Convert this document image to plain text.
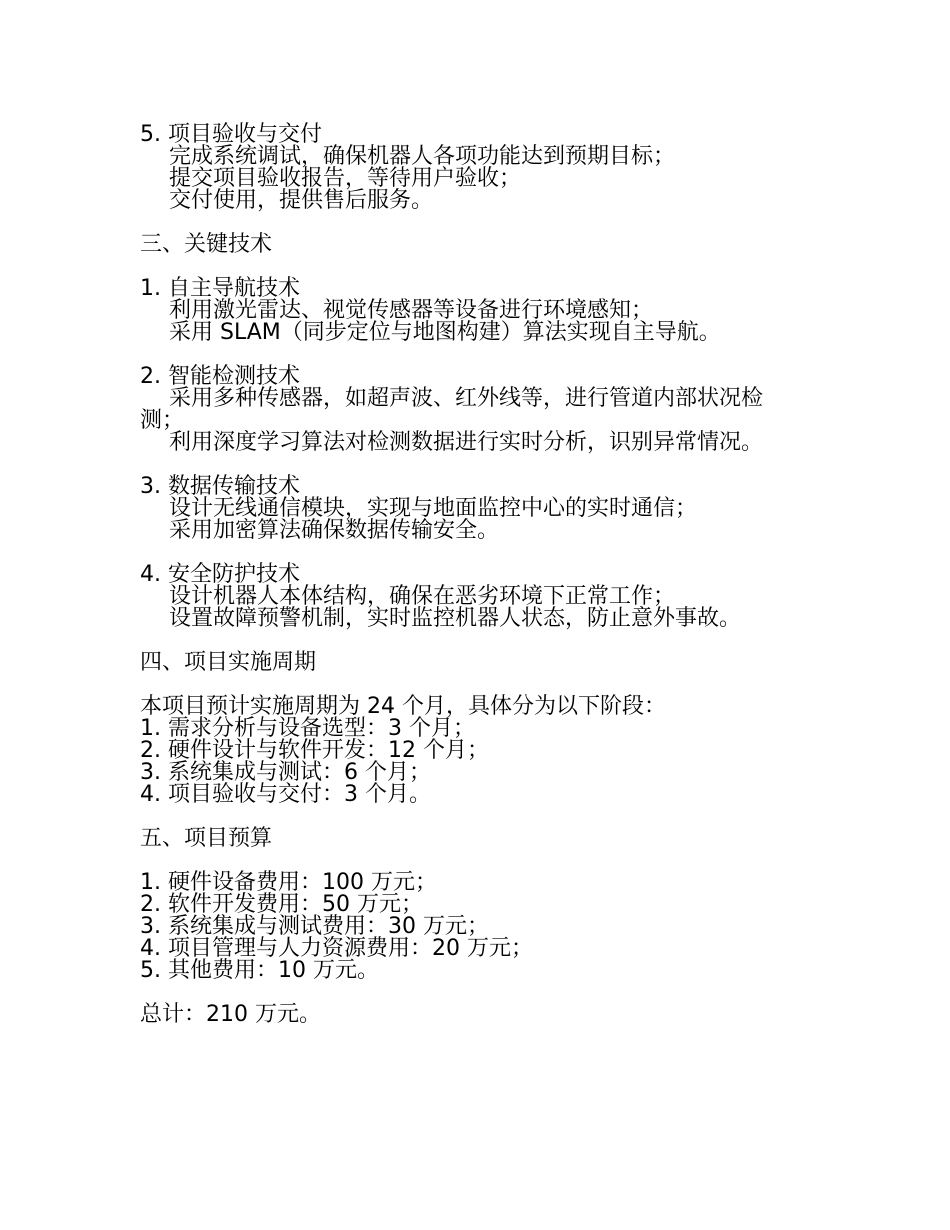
5. 项目验收与交付
完成系统调试，确保机器人各项功能达到预期目标；
提交项目验收报告，等待用户验收；
交付使用，提供售后服务。
三、关键技术
1. 自主导航技术
利用激光雷达、视觉传感器等设备进行环境感知；
采用 SLAM（同步定位与地图构建）算法实现自主导航。
2. 智能检测技术
采用多种传感器，如超声波、红外线等，进行管道内部状况检测；
利用深度学习算法对检测数据进行实时分析，识别异常情况。
3. 数据传输技术
设计无线通信模块，实现与地面监控中心的实时通信；
采用加密算法确保数据传输安全。
4. 安全防护技术
设计机器人本体结构，确保在恶劣环境下正常工作；
设置故障预警机制，实时监控机器人状态，防止意外事故。
四、项目实施周期
本项目预计实施周期为 24 个月，具体分为以下阶段：
1. 需求分析与设备选型：3 个月；
2. 硬件设计与软件开发：12 个月；
3. 系统集成与测试：6 个月；
4. 项目验收与交付：3 个月。
五、项目预算
1. 硬件设备费用：100 万元；
2. 软件开发费用：50 万元；
3. 系统集成与测试费用：30 万元；
4. 项目管理与人力资源费用：20 万元；
5. 其他费用：10 万元。
总计：210 万元。
